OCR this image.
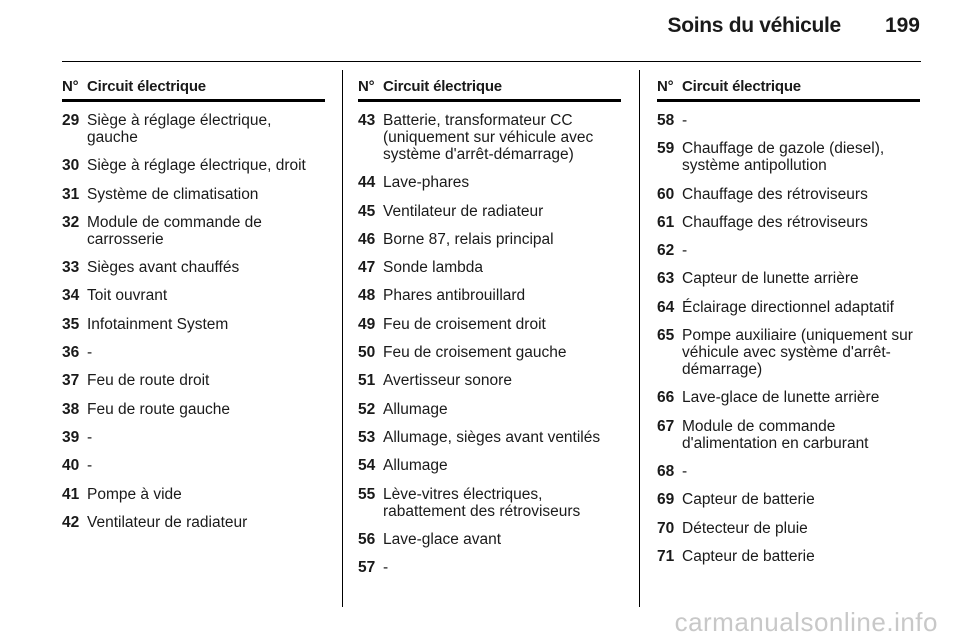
Soins du véhicule 199
N° Circuit électrique
29 Siège à réglage électrique, gauche
30 Siège à réglage électrique, droit
31 Système de climatisation
32 Module de commande de carrosserie
33 Sièges avant chauffés
34 Toit ouvrant
35 Infotainment System
36 -
37 Feu de route droit
38 Feu de route gauche
39 -
40 -
41 Pompe à vide
42 Ventilateur de radiateur
N° Circuit électrique
43 Batterie, transformateur CC (uniquement sur véhicule avec système d'arrêt-démarrage)
44 Lave-phares
45 Ventilateur de radiateur
46 Borne 87, relais principal
47 Sonde lambda
48 Phares antibrouillard
49 Feu de croisement droit
50 Feu de croisement gauche
51 Avertisseur sonore
52 Allumage
53 Allumage, sièges avant ventilés
54 Allumage
55 Lève-vitres électriques, rabattement des rétroviseurs
56 Lave-glace avant
57 -
N° Circuit électrique
58 -
59 Chauffage de gazole (diesel), système antipollution
60 Chauffage des rétroviseurs
61 Chauffage des rétroviseurs
62 -
63 Capteur de lunette arrière
64 Éclairage directionnel adaptatif
65 Pompe auxiliaire (uniquement sur véhicule avec système d'arrêt-démarrage)
66 Lave-glace de lunette arrière
67 Module de commande d'alimentation en carburant
68 -
69 Capteur de batterie
70 Détecteur de pluie
71 Capteur de batterie
carmanualsonline.info
